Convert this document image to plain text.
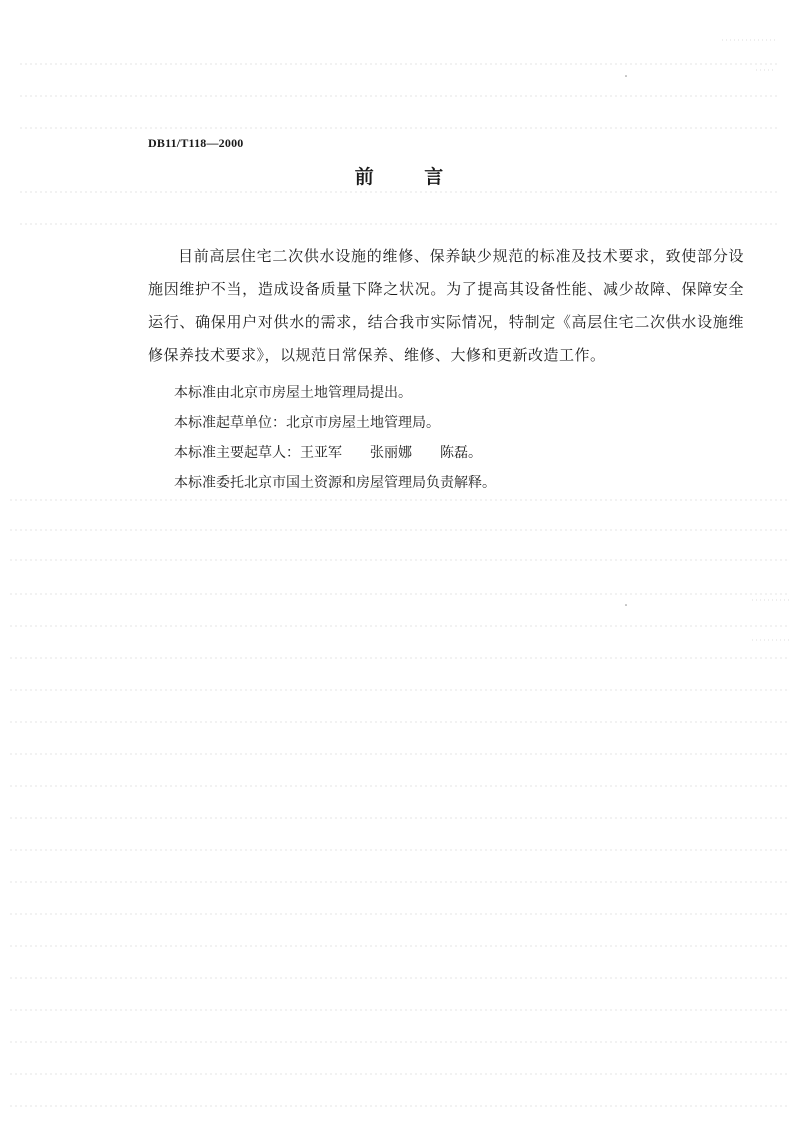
DB11/T118—2000
前 言

目前高层住宅二次供水设施的维修、保养缺少规范的标准及技术要求，致使部分设施因维护不当，造成设备质量下降之状况。为了提高其设备性能、减少故障、保障安全运行、确保用户对供水的需求，结合我市实际情况，特制定《高层住宅二次供水设施维修保养技术要求》，以规范日常保养、维修、大修和更新改造工作。

本标准由北京市房屋土地管理局提出。

本标准起草单位：北京市房屋土地管理局。

本标准主要起草人：王亚军 张丽娜 陈磊。

本标准委托北京市国土资源和房屋管理局负责解释。
